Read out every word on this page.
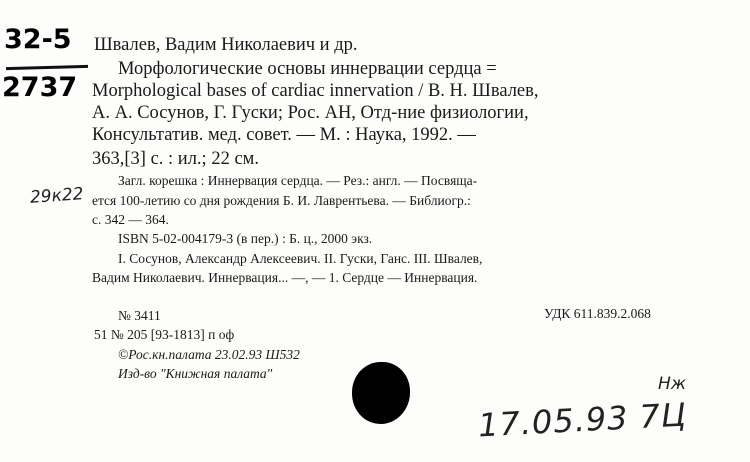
32-5
2737
Швалев, Вадим Николаевич и др.
Морфологические основы иннервации сердца =
Morphological bases of cardiac innervation / В. Н. Швалев,
А. А. Сосунов, Г. Гуски; Рос. АН, Отд-ние физиологии,
Консультатив. мед. совет. — М. : Наука, 1992. —
363,[3] с. : ил.; 22 см.
29к22
Загл. корешка : Иннервация сердца. — Рез.: англ. — Посвяща-
ется 100-летию со дня рождения Б. И. Лаврентьева. — Библиогр.:
с. 342 — 364.
ISBN 5-02-004179-3 (в пер.) : Б. ц., 2000 экз.
I. Сосунов, Александр Алексеевич. II. Гуски, Ганс. III. Швалев,
Вадим Николаевич. Иннервация... —, — 1. Сердце — Иннервация.
№ 3411	УДК 611.839.2.068
51 № 205 [93-1813] п оф
©Рос.кн.палата 23.02.93 Ш532
Изд-во "Книжная палата"
Нж
17.05.93 7Ц
